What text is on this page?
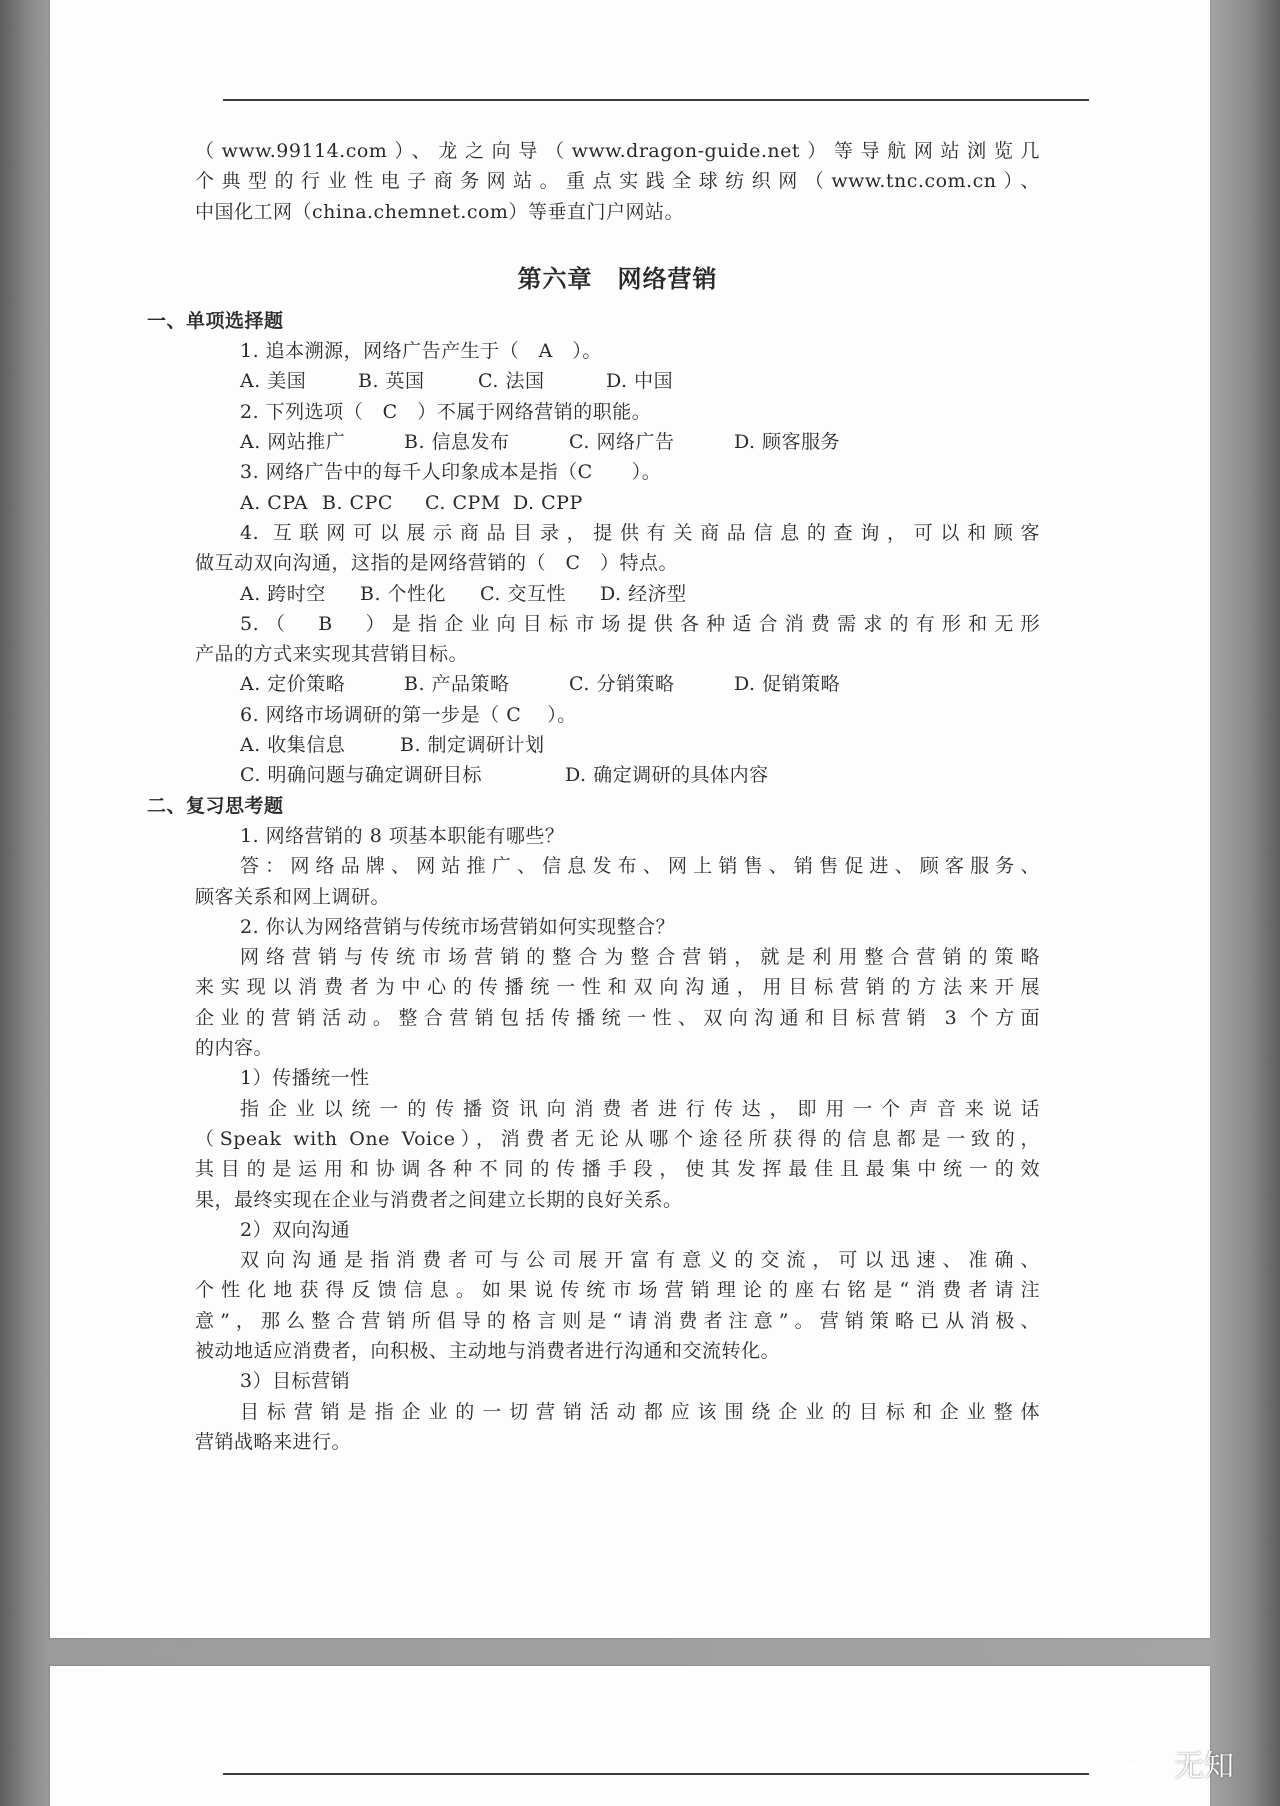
（www.99114.com）、龙之向导（www.dragon-guide.net）等导航网站浏览几

个典型的行业性电子商务网站。重点实践全球纺织网（www.tnc.com.cn）、

中国化工网（china.chemnet.com）等垂直门户网站。

第六章　网络营销
一、单项选择题

1. 追本溯源，网络广告产生于（　A　）。

A. 美国	B. 英国	C. 法国	D. 中国

2. 下列选项（　C　）不属于网络营销的职能。

A. 网站推广	B. 信息发布	C. 网络广告	D. 顾客服务

3. 网络广告中的每千人印象成本是指（C　　）。

A. CPA B. CPC	C. CPM D. CPP

4. 互联网可以展示商品目录，提供有关商品信息的查询，可以和顾客

做互动双向沟通，这指的是网络营销的（　C　）特点。

A. 跨时空	B. 个性化	C. 交互性	D. 经济型

5.（　B　）是指企业向目标市场提供各种适合消费需求的有形和无形

产品的方式来实现其营销目标。

A. 定价策略	B. 产品策略	C. 分销策略	D. 促销策略

6. 网络市场调研的第一步是（ C　 ）。

A. 收集信息	B. 制定调研计划

C. 明确问题与确定调研目标	D. 确定调研的具体内容

二、复习思考题

1. 网络营销的 8 项基本职能有哪些？

答：网络品牌、网站推广、信息发布、网上销售、销售促进、顾客服务、

顾客关系和网上调研。

2. 你认为网络营销与传统市场营销如何实现整合？

网络营销与传统市场营销的整合为整合营销，就是利用整合营销的策略

来实现以消费者为中心的传播统一性和双向沟通，用目标营销的方法来开展

企业的营销活动。整合营销包括传播统一性、双向沟通和目标营销 3 个方面

的内容。

1）传播统一性

指企业以统一的传播资讯向消费者进行传达，即用一个声音来说话

（Speak with One Voice），消费者无论从哪个途径所获得的信息都是一致的，

其目的是运用和协调各种不同的传播手段，使其发挥最佳且最集中统一的效

果，最终实现在企业与消费者之间建立长期的良好关系。

2）双向沟通

双向沟通是指消费者可与公司展开富有意义的交流，可以迅速、准确、

个性化地获得反馈信息。如果说传统市场营销理论的座右铭是“消费者请注

意”，那么整合营销所倡导的格言则是“请消费者注意”。营销策略已从消极、

被动地适应消费者，向积极、主动地与消费者进行沟通和交流转化。

3）目标营销

目标营销是指企业的一切营销活动都应该围绕企业的目标和企业整体

营销战略来进行。

无知
